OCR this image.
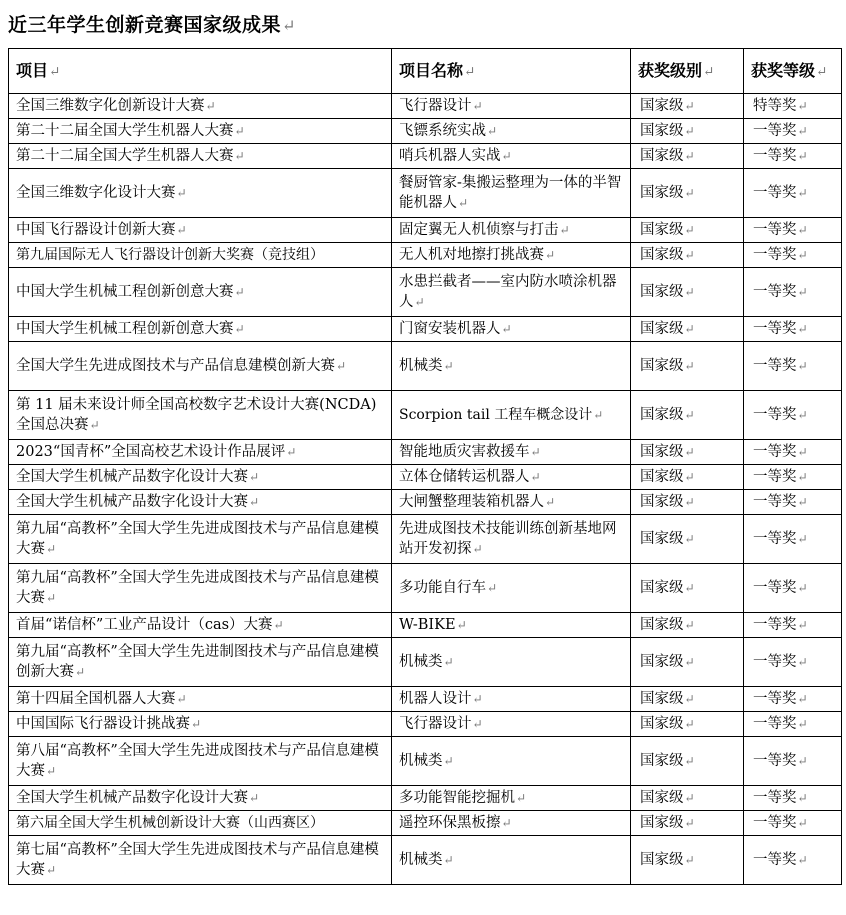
近三年学生创新竞赛国家级成果↵
项目↵	项目名称↵	获奖级别↵	获奖等级↵
全国三维数字化创新设计大赛↵	飞行器设计↵	国家级↵	特等奖↵
第二十二届全国大学生机器人大赛↵	飞镖系统实战↵	国家级↵	一等奖↵
第二十二届全国大学生机器人大赛↵	哨兵机器人实战↵	国家级↵	一等奖↵
全国三维数字化设计大赛↵	餐厨管家-集搬运整理为一体的半智能机器人↵	国家级↵	一等奖↵
中国飞行器设计创新大赛↵	固定翼无人机侦察与打击↵	国家级↵	一等奖↵
第九届国际无人飞行器设计创新大奖赛（竞技组）	无人机对地擦打挑战赛↵	国家级↵	一等奖↵
中国大学生机械工程创新创意大赛↵	水患拦截者——室内防水喷涂机器人↵	国家级↵	一等奖↵
中国大学生机械工程创新创意大赛↵	门窗安装机器人↵	国家级↵	一等奖↵
全国大学生先进成图技术与产品信息建模创新大赛↵	机械类↵	国家级↵	一等奖↵
第 11 届未来设计师全国高校数字艺术设计大赛(NCDA)全国总决赛↵	Scorpion tail 工程车概念设计↵	国家级↵	一等奖↵
2023“国青杯”全国高校艺术设计作品展评↵	智能地质灾害救援车↵	国家级↵	一等奖↵
全国大学生机械产品数字化设计大赛↵	立体仓储转运机器人↵	国家级↵	一等奖↵
全国大学生机械产品数字化设计大赛↵	大闸蟹整理装箱机器人↵	国家级↵	一等奖↵
第九届“高教杯”全国大学生先进成图技术与产品信息建模大赛↵	先进成图技术技能训练创新基地网站开发初探↵	国家级↵	一等奖↵
第九届“高教杯”全国大学生先进成图技术与产品信息建模大赛↵	多功能自行车↵	国家级↵	一等奖↵
首届“诺信杯”工业产品设计（cas）大赛↵	W-BIKE↵	国家级↵	一等奖↵
第九届“高教杯”全国大学生先进制图技术与产品信息建模创新大赛↵	机械类↵	国家级↵	一等奖↵
第十四届全国机器人大赛↵	机器人设计↵	国家级↵	一等奖↵
中国国际飞行器设计挑战赛↵	飞行器设计↵	国家级↵	一等奖↵
第八届“高教杯”全国大学生先进成图技术与产品信息建模大赛↵	机械类↵	国家级↵	一等奖↵
全国大学生机械产品数字化设计大赛↵	多功能智能挖掘机↵	国家级↵	一等奖↵
第六届全国大学生机械创新设计大赛（山西赛区）	遥控环保黑板擦↵	国家级↵	一等奖↵
第七届“高教杯”全国大学生先进成图技术与产品信息建模大赛↵	机械类↵	国家级↵	一等奖↵
